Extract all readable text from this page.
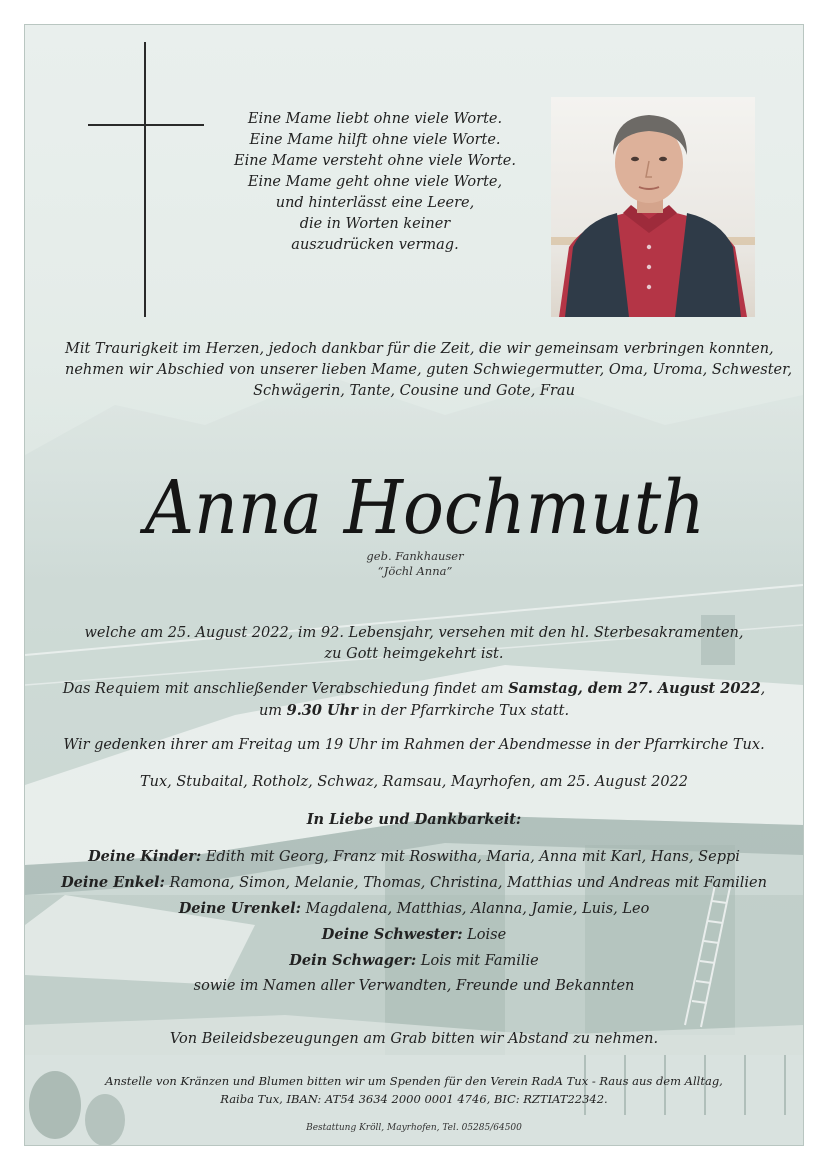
Eine Mame liebt ohne viele Worte.
Eine Mame hilft ohne viele Worte.
Eine Mame versteht ohne viele Worte.
Eine Mame geht ohne viele Worte,
und hinterlässt eine Leere,
die in Worten keiner
auszudrücken vermag.
Mit Traurigkeit im Herzen, jedoch dankbar für die Zeit, die wir gemeinsam verbringen konnten,
nehmen wir Abschied von unserer lieben Mame, guten Schwiegermutter, Oma, Uroma, Schwester,
Schwägerin, Tante, Cousine und Gote, Frau
Anna Hochmuth
geb. Fankhauser
“Jöchl Anna”
welche am 25. August 2022, im 92. Lebensjahr, versehen mit den hl. Sterbesakramenten,
zu Gott heimgekehrt ist.
Das Requiem mit anschließender Verabschiedung findet am Samstag, dem 27. August 2022,
um 9.30 Uhr in der Pfarrkirche Tux statt.
Wir gedenken ihrer am Freitag um 19 Uhr im Rahmen der Abendmesse in der Pfarrkirche Tux.
Tux, Stubaital, Rotholz, Schwaz, Ramsau, Mayrhofen, am 25. August 2022
In Liebe und Dankbarkeit:
Deine Kinder: Edith mit Georg, Franz mit Roswitha, Maria, Anna mit Karl, Hans, Seppi
Deine Enkel: Ramona, Simon, Melanie, Thomas, Christina, Matthias und Andreas mit Familien
Deine Urenkel: Magdalena, Matthias, Alanna, Jamie, Luis, Leo
Deine Schwester: Loise
Dein Schwager: Lois mit Familie
sowie im Namen aller Verwandten, Freunde und Bekannten
Von Beileidsbezeugungen am Grab bitten wir Abstand zu nehmen.
Anstelle von Kränzen und Blumen bitten wir um Spenden für den Verein RadA Tux - Raus aus dem Alltag,
Raiba Tux, IBAN: AT54 3634 2000 0001 4746, BIC: RZTIAT22342.
Bestattung Kröll, Mayrhofen, Tel. 05285/64500
